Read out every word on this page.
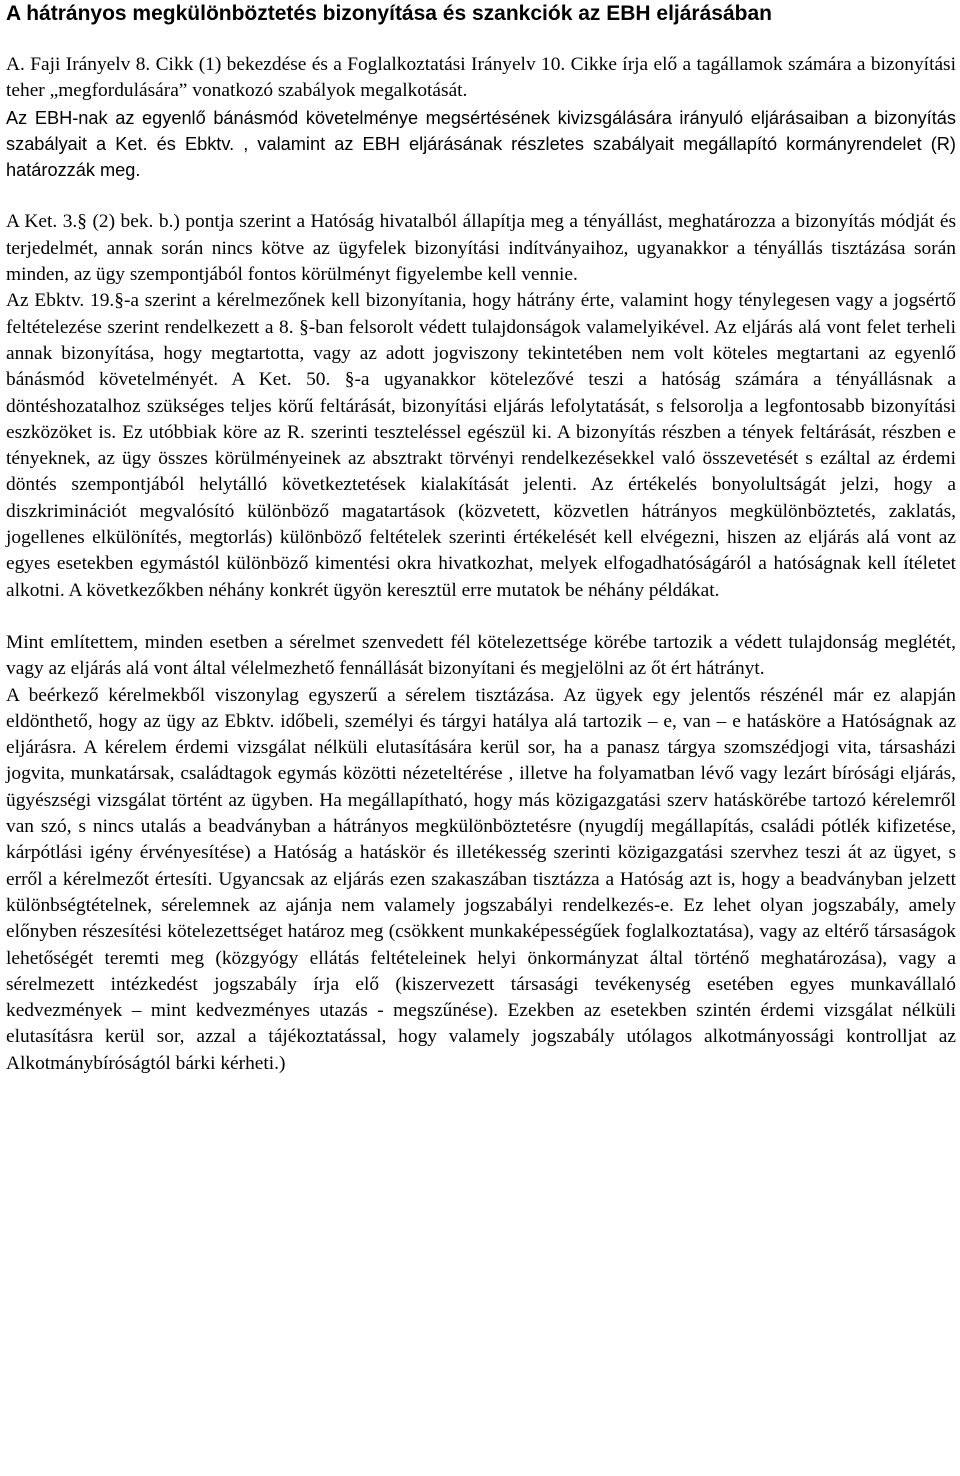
A hátrányos megkülönböztetés bizonyítása és szankciók az EBH eljárásában

A. Faji Irányelv 8. Cikk (1) bekezdése és a Foglalkoztatási Irányelv 10. Cikke írja elő a tagállamok számára a bizonyítási teher „megfordulására” vonatkozó szabályok megalkotását.

Az EBH-nak az egyenlő bánásmód követelménye megsértésének kivizsgálására irányuló eljárásaiban a bizonyítás szabályait a Ket. és Ebktv. , valamint az EBH eljárásának részletes szabályait megállapító kormányrendelet (R) határozzák meg.

A Ket. 3.§ (2) bek. b.) pontja szerint a Hatóság hivatalból állapítja meg a tényállást, meghatározza a bizonyítás módját és terjedelmét, annak során nincs kötve az ügyfelek bizonyítási indítványaihoz, ugyanakkor a tényállás tisztázása során minden, az ügy szempontjából fontos körülményt figyelembe kell vennie.

Az Ebktv. 19.§-a szerint a kérelmezőnek kell bizonyítania, hogy hátrány érte, valamint hogy ténylegesen vagy a jogsértő feltételezése szerint rendelkezett a 8. §-ban felsorolt védett tulajdonságok valamelyikével. Az eljárás alá vont felet terheli annak bizonyítása, hogy megtartotta, vagy az adott jogviszony tekintetében nem volt köteles megtartani az egyenlő bánásmód követelményét. A Ket. 50. §-a ugyanakkor kötelezővé teszi a hatóság számára a tényállásnak a döntéshozatalhoz szükséges teljes körű feltárását, bizonyítási eljárás lefolytatását, s felsorolja a legfontosabb bizonyítási eszközöket is. Ez utóbbiak köre az R. szerinti teszteléssel egészül ki. A bizonyítás részben a tények feltárását, részben e tényeknek, az ügy összes körülményeinek az absztrakt törvényi rendelkezésekkel való összevetését s ezáltal az érdemi döntés szempontjából helytálló következtetések kialakítását jelenti. Az értékelés bonyolultságát jelzi, hogy a diszkriminációt megvalósító különböző magatartások (közvetett, közvetlen hátrányos megkülönböztetés, zaklatás, jogellenes elkülönítés, megtorlás) különböző feltételek szerinti értékelését kell elvégezni, hiszen az eljárás alá vont az egyes esetekben egymástól különböző kimentési okra hivatkozhat, melyek elfogadhatóságáról a hatóságnak kell ítéletet alkotni. A következőkben néhány konkrét ügyön keresztül erre mutatok be néhány példákat.

Mint említettem, minden esetben a sérelmet szenvedett fél kötelezettsége körébe tartozik a védett tulajdonság meglétét, vagy az eljárás alá vont által vélelmezhető fennállását bizonyítani és megjelölni az őt ért hátrányt.

A beérkező kérelmekből viszonylag egyszerű a sérelem tisztázása. Az ügyek egy jelentős részénél már ez alapján eldönthető, hogy az ügy az Ebktv. időbeli, személyi és tárgyi hatálya alá tartozik – e, van – e hatásköre a Hatóságnak az eljárásra. A kérelem érdemi vizsgálat nélküli elutasítására kerül sor, ha a panasz tárgya szomszédjogi vita, társasházi jogvita, munkatársak, családtagok egymás közötti nézeteltérése , illetve ha folyamatban lévő vagy lezárt bírósági eljárás, ügyészségi vizsgálat történt az ügyben. Ha megállapítható, hogy más közigazgatási szerv hatáskörébe tartozó kérelemről van szó, s nincs utalás a beadványban a hátrányos megkülönböztetésre (nyugdíj megállapítás, családi pótlék kifizetése, kárpótlási igény érvényesítése) a Hatóság a hatáskör és illetékesség szerinti közigazgatási szervhez teszi át az ügyet, s erről a kérelmezőt értesíti. Ugyancsak az eljárás ezen szakaszában tisztázza a Hatóság azt is, hogy a beadványban jelzett különbségtételnek, sérelemnek az ajánja nem valamely jogszabályi rendelkezés-e. Ez lehet olyan jogszabály, amely előnyben részesítési kötelezettséget határoz meg (csökkent munkaképességűek foglalkoztatása), vagy az eltérő társaságok lehetőségét teremti meg (közgyógy ellátás feltételeinek helyi önkormányzat által történő meghatározása), vagy a sérelmezett intézkedést jogszabály írja elő (kiszervezett társasági tevékenység esetében egyes munkavállaló kedvezmények – mint kedvezményes utazás - megszűnése). Ezekben az esetekben szintén érdemi vizsgálat nélküli elutasításra kerül sor, azzal a tájékoztatással, hogy valamely jogszabály utólagos alkotmányossági kontrolljat az Alkotmánybíróságtól bárki kérheti.)
